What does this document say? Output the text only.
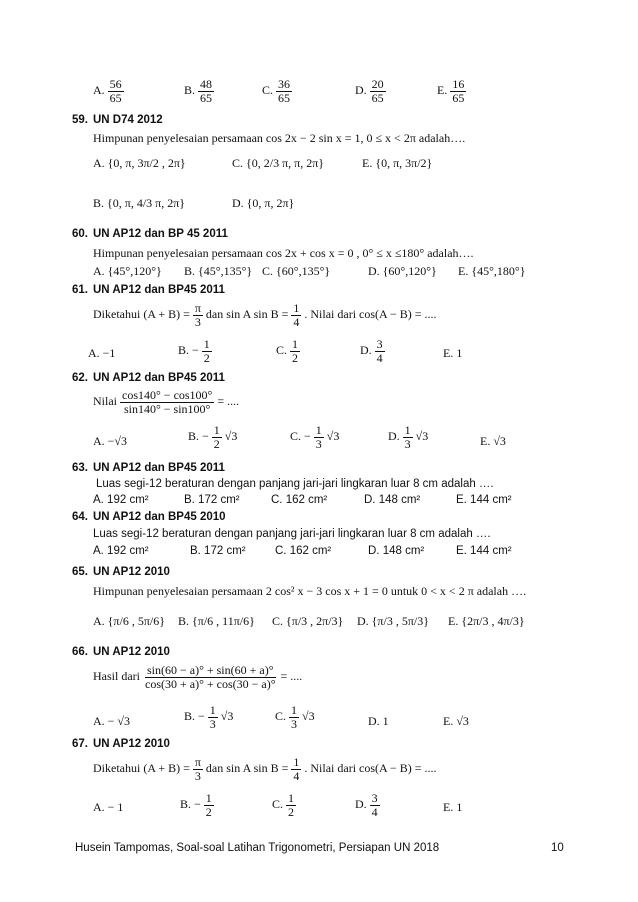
A. $\frac{56}{65}$	B. $\frac{48}{65}$	C. $\frac{36}{65}$	D. $\frac{20}{65}$	E. $\frac{16}{65}$
59. UN D74 2012
Himpunan penyelesaian persamaan cos 2x − 2 sin x = 1, 0 ≤ x < 2π adalah….
A. {0, π, 3π/2 , 2π}	C. {0, 2/3 π, π, 2π}	E. {0, π, 3π/2}
B. {0, π, 4/3 π, 2π}	D. {0, π, 2π}
60. UN AP12 dan BP 45 2011
Himpunan penyelesaian persamaan cos 2x + cos x = 0 , 0° ≤ x ≤180° adalah….
A. {45°,120°} B. {45°,135°} C. {60°,135°}	D. {60°,120°} E. {45°,180°}
61. UN AP12 dan BP45 2011
Diketahui $(A + B) = \frac{\pi}{3}$ dan sin A $\sin B = \frac{1}{4}$ . Nilai dari cos(A − B) = ....
A. −1	B. − $\frac{1}{2}$	C. $\frac{1}{2}$	D. $\frac{3}{4}$	E. 1
62. UN AP12 dan BP45 2011
Nilai $\frac{\cos 140^\circ - \cos 100^\circ}{\sin 140^\circ - \sin 100^\circ}$ = ....
A. −√3	B. − $\frac{1}{2} √3$	C. − $\frac{1}{3} √3$	D. $\frac{1}{3} √3$	E. √3
63. UN AP12 dan BP45 2011
Luas segi-12 beraturan dengan panjang jari-jari lingkaran luar 8 cm adalah ….
A. 192 cm²	B. 172 cm²	C. 162 cm²	D. 148 cm²	E. 144 cm²
64. UN AP12 dan BP45 2010
Luas segi-12 beraturan dengan panjang jari-jari lingkaran luar 8 cm adalah ….
A. 192 cm²	B. 172 cm²	C. 162 cm²	D. 148 cm²	E. 144 cm²
65. UN AP12 2010
Himpunan penyelesaian persamaan 2 cos² x − 3 cos x + 1 = 0 untuk 0 < x < 2 π adalah ….
A. {π/6 , 5π/6} B. {π/6 , 11π/6} C. {π/3 , 2π/3} D. {π/3 , 5π/3} E. {2π/3 , 4π/3}
66. UN AP12 2010
Hasil dari $\frac{\sin(60 - a)^\circ + \sin(60 + a)^\circ}{\cos(30 + a)^\circ + \cos(30 - a)^\circ}$ = ....
A. − √3	B. − $\frac{1}{3} √3$	C. $\frac{1}{3} √3$	D. 1	E. √3
67. UN AP12 2010
Diketahui $(A + B) = \frac{\pi}{3}$ dan sin A $\sin B = \frac{1}{4}$ . Nilai dari cos(A − B) = ....
A. − 1	B. − $\frac{1}{2}$	C. $\frac{1}{2}$	D. $\frac{3}{4}$	E. 1
Husein Tampomas, Soal-soal Latihan Trigonometri, Persiapan UN 2018	10
